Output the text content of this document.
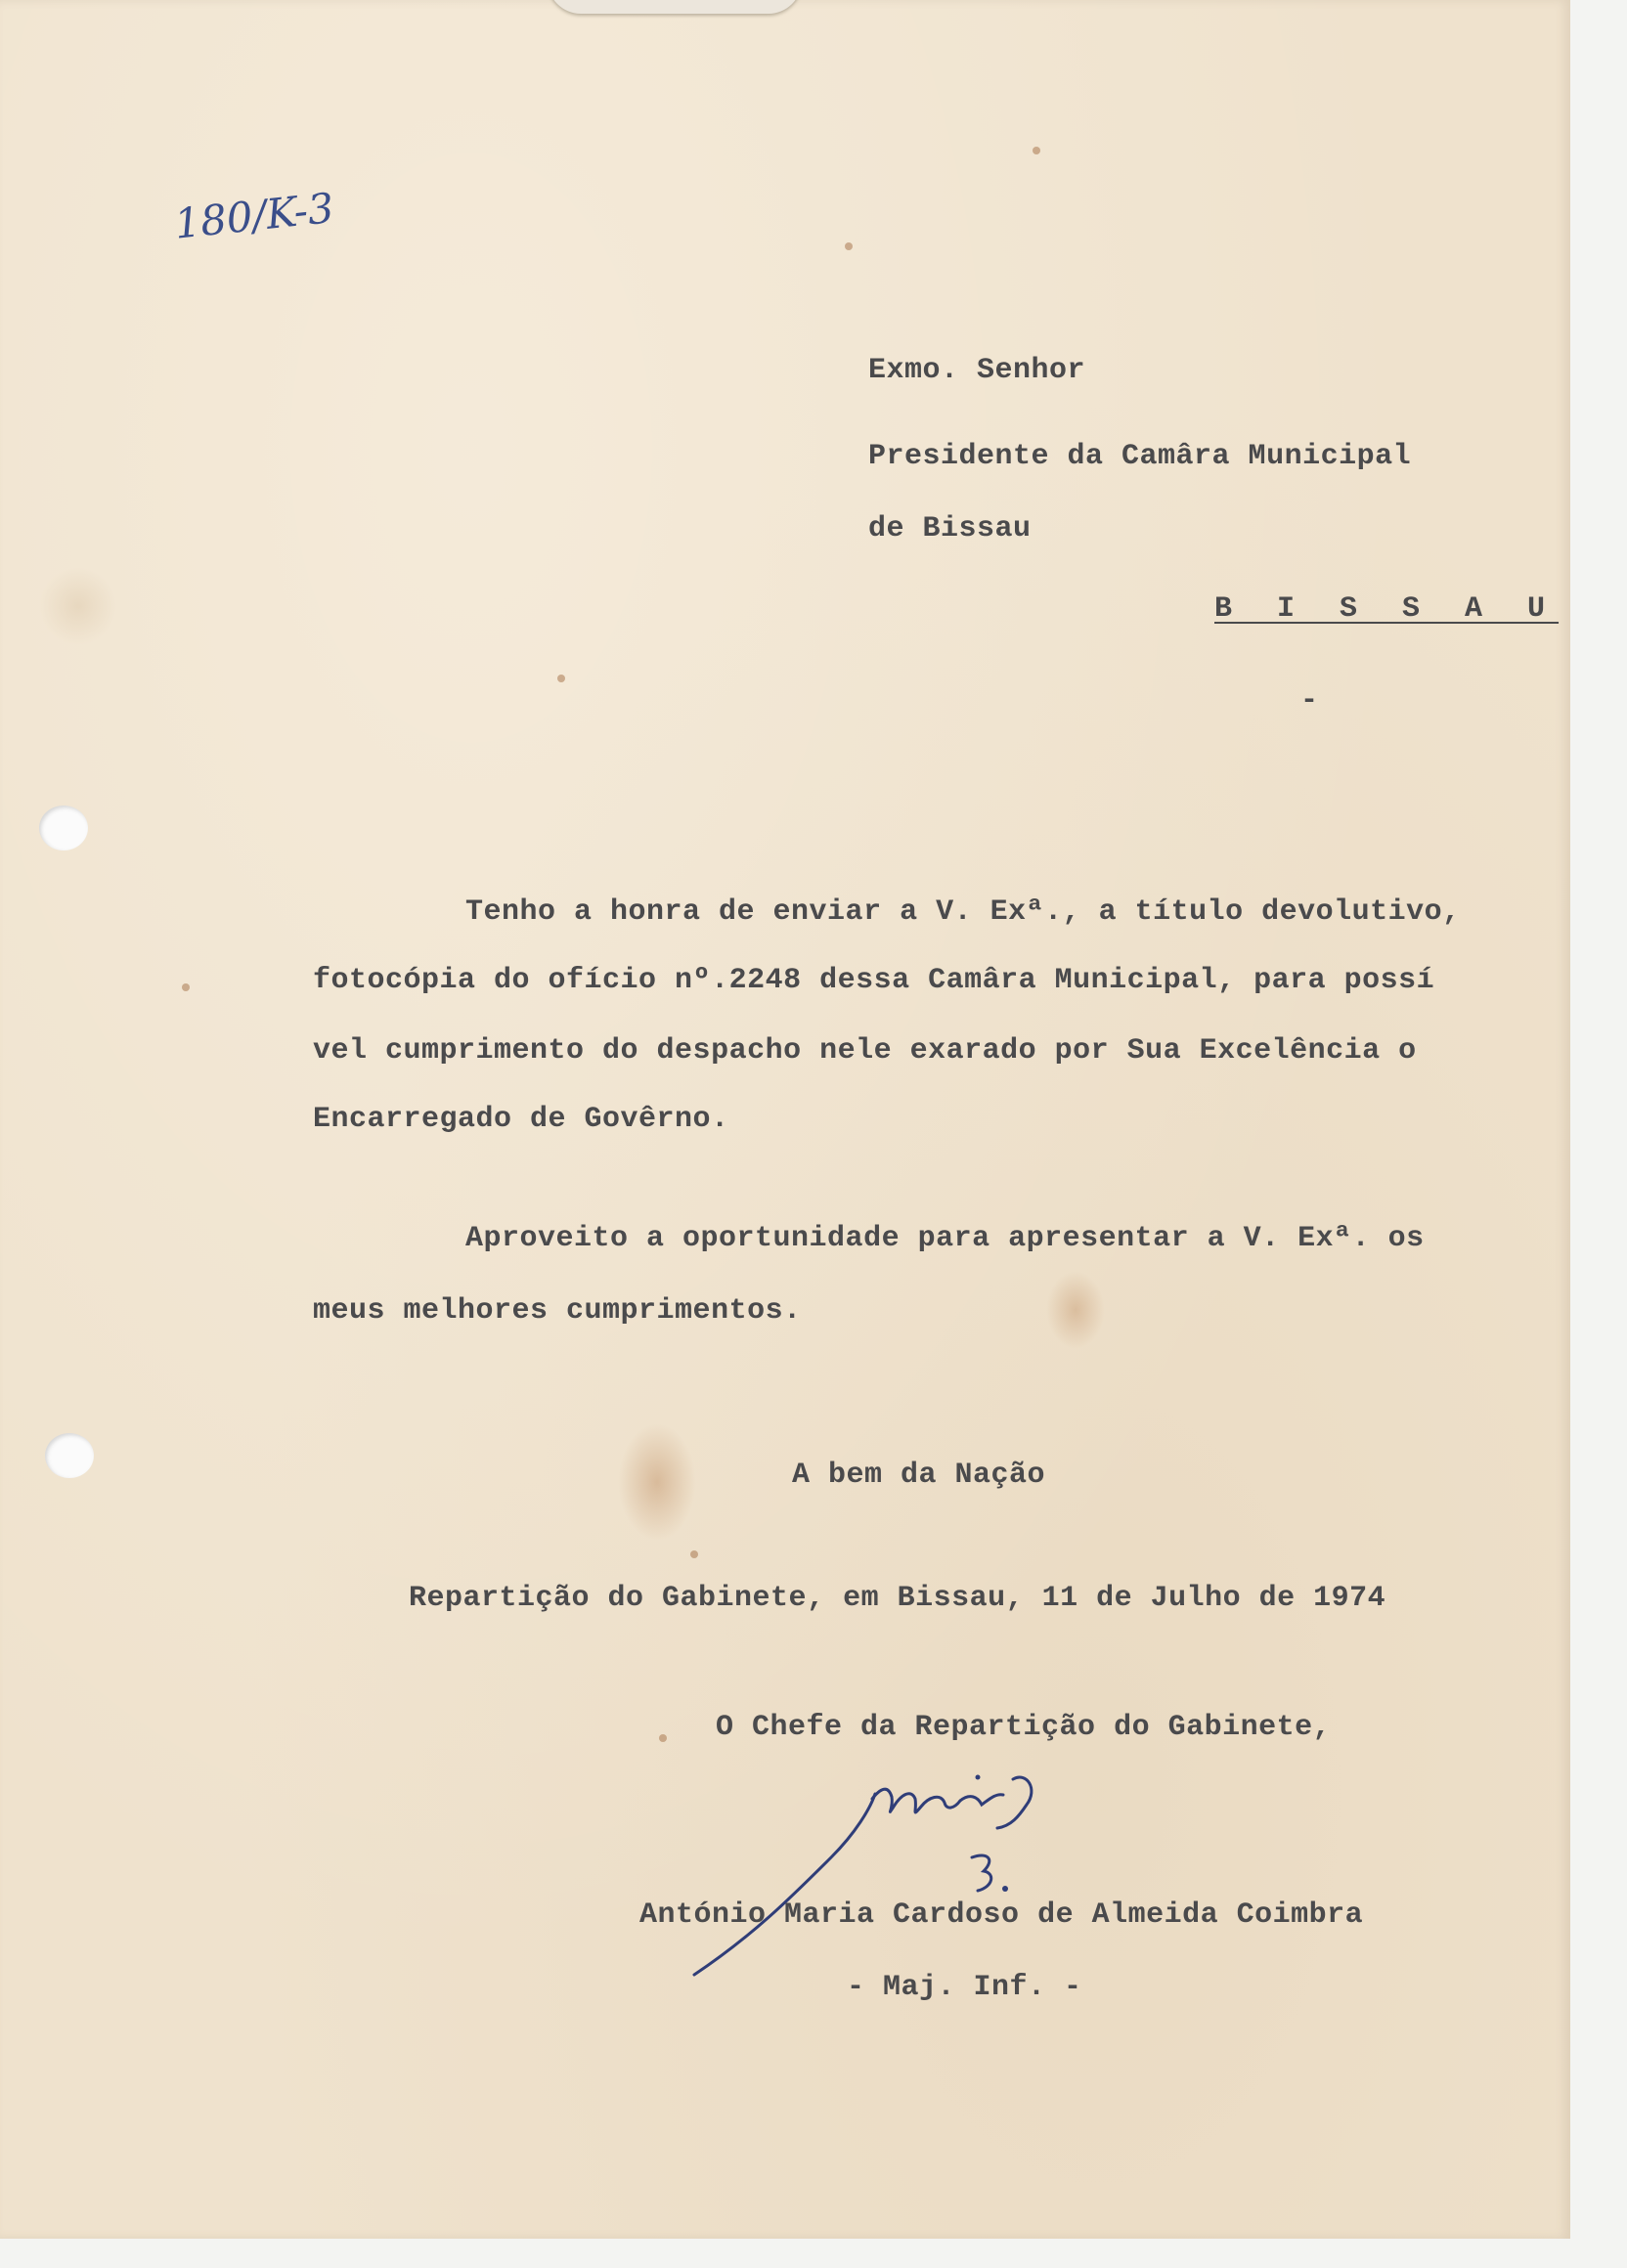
180/K-3
Exmo. Senhor
Presidente da Camâra Municipal
de Bissau
B I S S A U
-
Tenho a honra de enviar a V. Exª., a título devolutivo,
fotocópia do ofício nº.2248 dessa Camâra Municipal, para possí
vel cumprimento do despacho nele exarado por Sua Excelência o
Encarregado de Govêrno.
Aproveito a oportunidade para apresentar a V. Exª. os
meus melhores cumprimentos.
A bem da Nação
Repartição do Gabinete, em Bissau, 11 de Julho de 1974
O Chefe da Repartição do Gabinete,
António Maria Cardoso de Almeida Coimbra
- Maj. Inf. -
